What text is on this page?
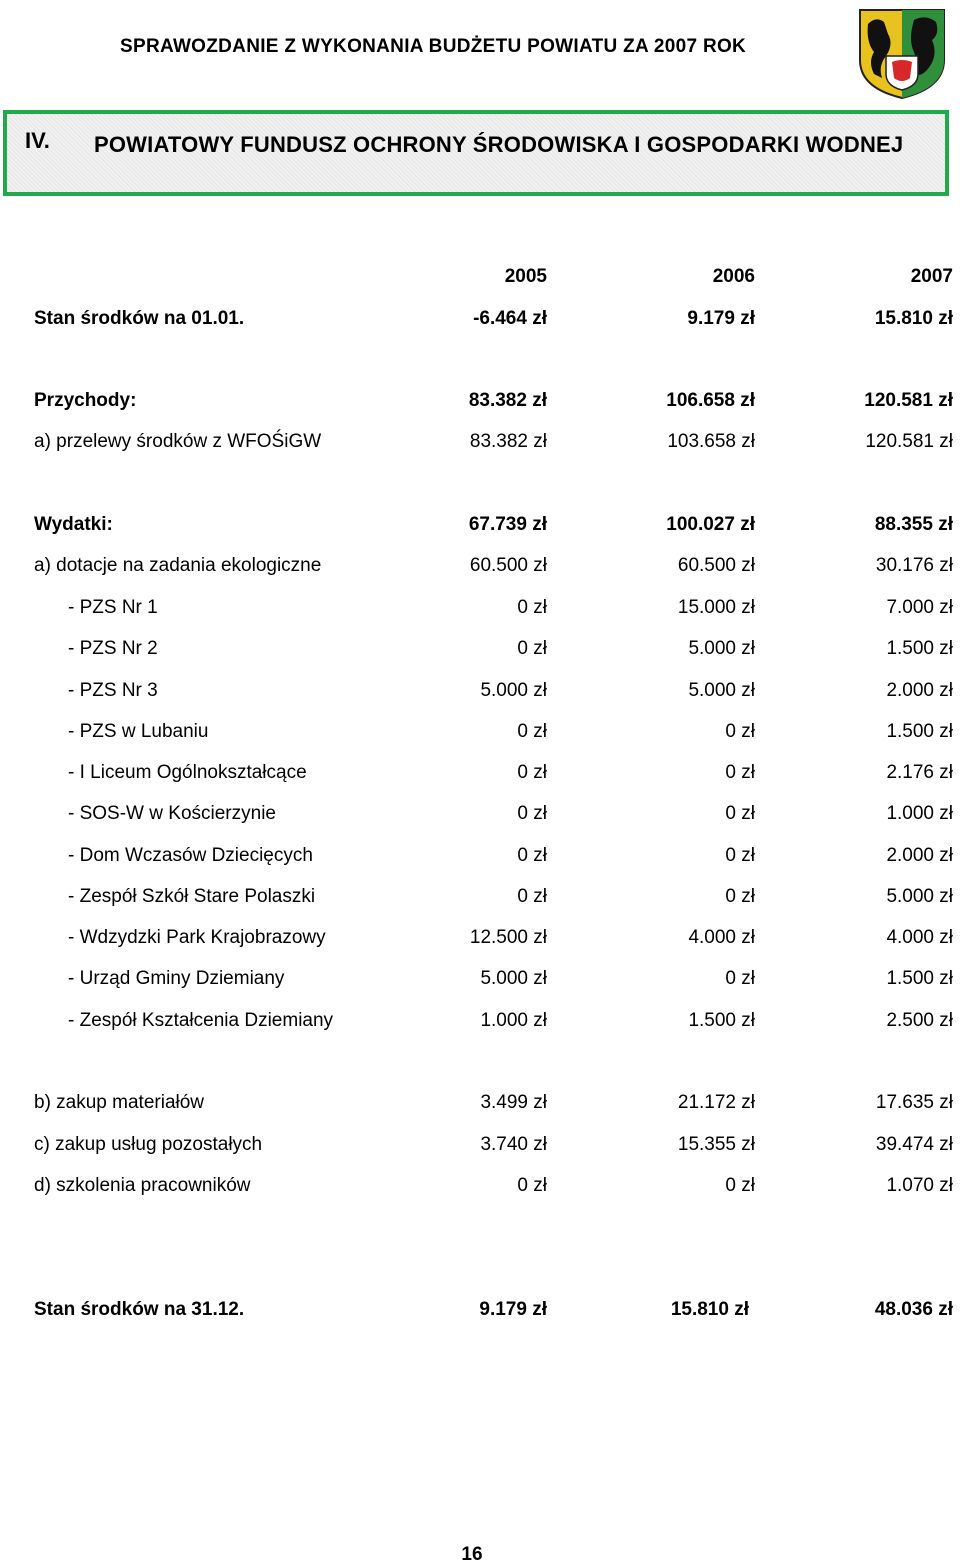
SPRAWOZDANIE Z WYKONANIA BUDŻETU POWIATU ZA 2007 ROK
IV. POWIATOWY FUNDUSZ OCHRONY ŚRODOWISKA I GOSPODARKI WODNEJ
2005	2006	2007
Stan środków na 01.01.	-6.464 zł	9.179 zł	15.810 zł
Przychody:	83.382 zł	106.658 zł	120.581 zł
a) przelewy środków z WFOŚiGW	83.382 zł	103.658 zł	120.581 zł
Wydatki:	67.739 zł	100.027 zł	88.355 zł
a) dotacje na zadania ekologiczne	60.500 zł	60.500 zł	30.176 zł
- PZS Nr 1	0 zł	15.000 zł	7.000 zł
- PZS Nr 2	0 zł	5.000 zł	1.500 zł
- PZS Nr 3	5.000 zł	5.000 zł	2.000 zł
- PZS w Lubaniu	0 zł	0 zł	1.500 zł
- I Liceum Ogólnokształcące	0 zł	0 zł	2.176 zł
- SOS-W w Kościerzynie	0 zł	0 zł	1.000 zł
- Dom Wczasów Dziecięcych	0 zł	0 zł	2.000 zł
- Zespół Szkół Stare Polaszki	0 zł	0 zł	5.000 zł
- Wdzydzki Park Krajobrazowy	12.500 zł	4.000 zł	4.000 zł
- Urząd Gminy Dziemiany	5.000 zł	0 zł	1.500 zł
- Zespół Kształcenia Dziemiany	1.000 zł	1.500 zł	2.500 zł
b) zakup materiałów	3.499 zł	21.172 zł	17.635 zł
c) zakup usług pozostałych	3.740 zł	15.355 zł	39.474 zł
d) szkolenia pracowników	0 zł	0 zł	1.070 zł
Stan środków na 31.12.	9.179 zł	15.810 zł	48.036 zł
16
